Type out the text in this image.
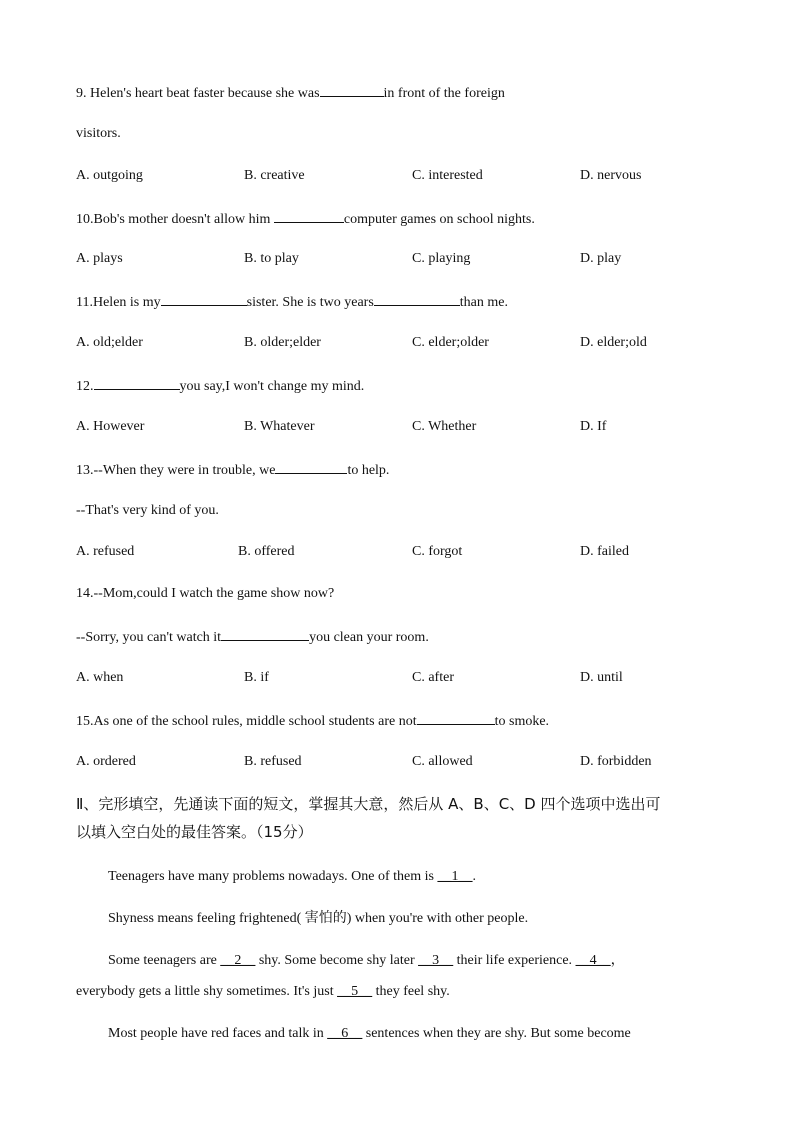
9. Helen's heart beat faster because she was	in front of the foreign
visitors.
A. outgoing	B. creative	C. interested	D. nervous
10.Bob's mother doesn't allow him	computer games on school nights.
A. plays	B. to play	C. playing	D. play
11.Helen is my	sister. She is two years	than me.
A. old;elder	B. older;elder	C. elder;older	D. elder;old
12.	you say,I won't change my mind.
A. However	B. Whatever	C. Whether	D. If
13.--When they were in trouble, we	to help.
--That's very kind of you.
A. refused	B. offered	C. forgot	D. failed
14.--Mom,could I watch the game show now?
--Sorry, you can't watch it	you clean your room.
A. when	B. if	C. after	D. until
15.As one of the school rules, middle school students are not	to smoke.
A. ordered	B. refused	C. allowed	D. forbidden
Ⅱ、完形填空，先通读下面的短文，掌握其大意，然后从 A、B、C、D 四个选项中选出可
以填入空白处的最佳答案。（15分）
Teenagers have many problems nowadays. One of them is __1__.
Shyness means feeling frightened( 害怕的) when you're with other people.
Some teenagers are __2__ shy. Some become shy later __3__ their life experience. __4__，
everybody gets a little shy sometimes. It's just __5__ they feel shy.
Most people have red faces and talk in __6__ sentences when they are shy. But some become
